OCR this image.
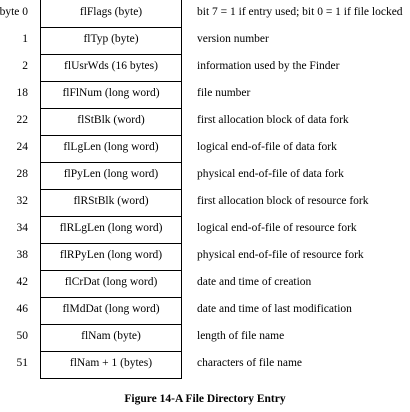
byte 0	flFlags (byte)	bit 7 = 1 if entry used; bit 0 = 1 if file locked
1	flTyp (byte)	version number
2	flUsrWds (16 bytes)	information used by the Finder
18	flFlNum (long word)	file number
22	flStBlk (word)	first allocation block of data fork
24	flLgLen (long word)	logical end-of-file of data fork
28	flPyLen (long word)	physical end-of-file of data fork
32	flRStBlk (word)	first allocation block of resource fork
34	flRLgLen (long word)	logical end-of-file of resource fork
38	flRPyLen (long word)	physical end-of-file of resource fork
42	flCrDat (long word)	date and time of creation
46	flMdDat (long word)	date and time of last modification
50	flNam (byte)	length of file name
51	flNam + 1 (bytes)	characters of file name
Figure 14-A File Directory Entry
